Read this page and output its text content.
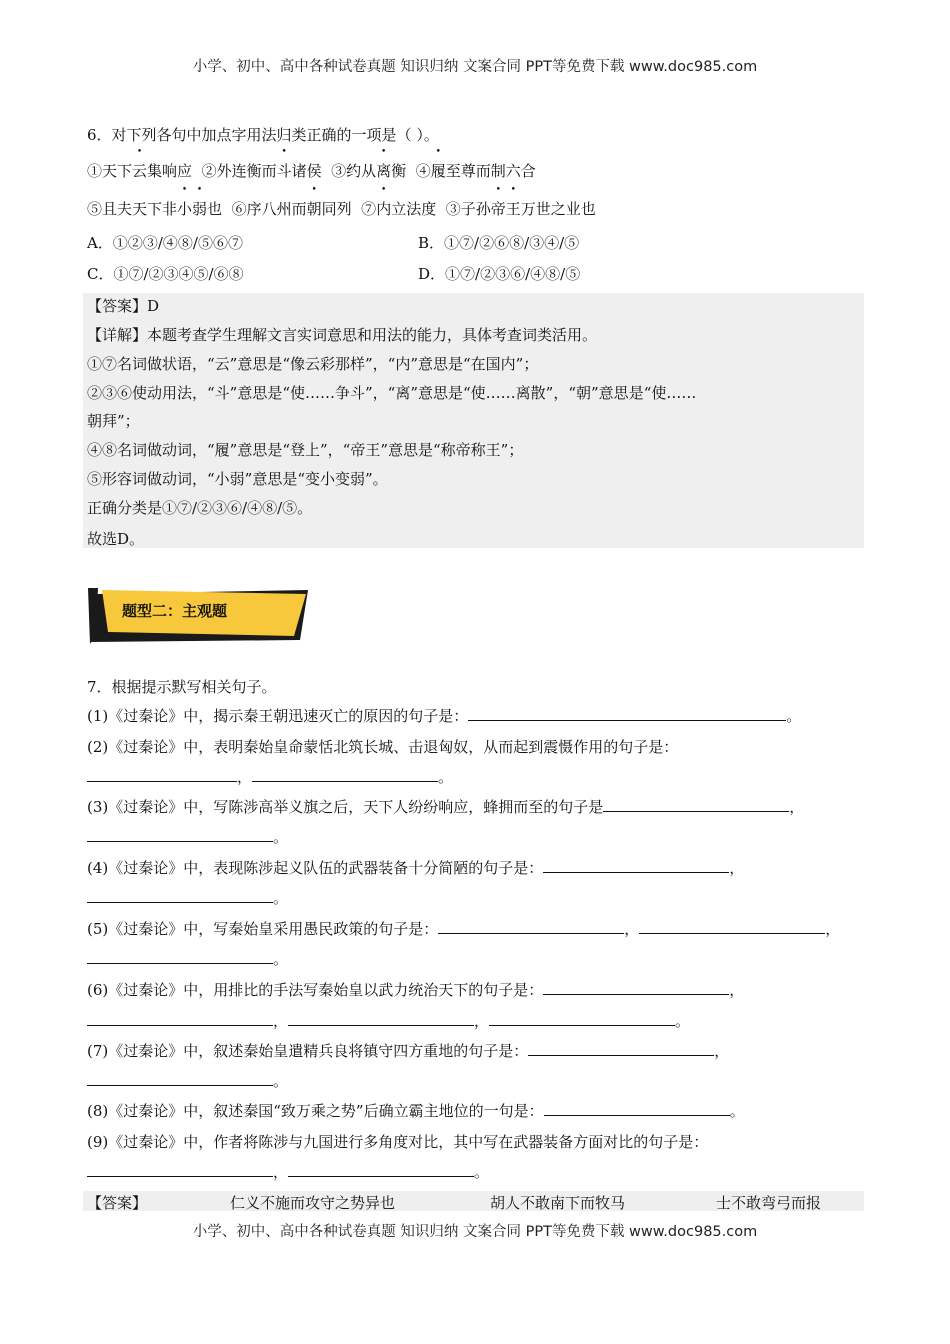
小学、初中、高中各种试卷真题 知识归纳 文案合同 PPT等免费下载 www.doc985.com
6．对下列各句中加点字用法归类正确的一项是（ ）。
①天下云集响应  ②外连衡而斗诸侯  ③约从离衡  ④履至尊而制六合
⑤且夫天下非小弱也  ⑥序八州而朝同列  ⑦内立法度  ③子孙帝王万世之业也
A．①②③/④⑧/⑤⑥⑦	B．①⑦/②⑥⑧/③④/⑤
C．①⑦/②③④⑤/⑥⑧	D．①⑦/②③⑥/④⑧/⑤
【答案】D
【详解】本题考查学生理解文言实词意思和用法的能力，具体考查词类活用。
①⑦名词做状语，“云”意思是“像云彩那样”，“内”意思是“在国内”；
②③⑥使动用法，“斗”意思是“使……争斗”，“离”意思是“使……离散”，“朝”意思是“使……
朝拜”；
④⑧名词做动词，“履”意思是“登上”，“帝王”意思是“称帝称王”；
⑤形容词做动词，“小弱”意思是“变小变弱”。
正确分类是①⑦/②③⑥/④⑧/⑤。
故选D。
题型二：主观题
7．根据提示默写相关句子。
(1)《过秦论》中，揭示秦王朝迅速灭亡的原因的句子是：	。
(2)《过秦论》中，表明秦始皇命蒙恬北筑长城、击退匈奴，从而起到震慑作用的句子是：
，	。
(3)《过秦论》中，写陈涉高举义旗之后，天下人纷纷响应，蜂拥而至的句子是	，
。
(4)《过秦论》中，表现陈涉起义队伍的武器装备十分简陋的句子是：	，
。
(5)《过秦论》中，写秦始皇采用愚民政策的句子是：	，	，
。
(6)《过秦论》中，用排比的手法写秦始皇以武力统治天下的句子是：	，
，	，	。
(7)《过秦论》中，叙述秦始皇遣精兵良将镇守四方重地的句子是：	，
。
(8)《过秦论》中，叙述秦国“致万乘之势”后确立霸主地位的一句是：	。
(9)《过秦论》中，作者将陈涉与九国进行多角度对比，其中写在武器装备方面对比的句子是：
，	。
【答案】	仁义不施而攻守之势异也	胡人不敢南下而牧马	士不敢弯弓而报
小学、初中、高中各种试卷真题 知识归纳 文案合同 PPT等免费下载 www.doc985.com
